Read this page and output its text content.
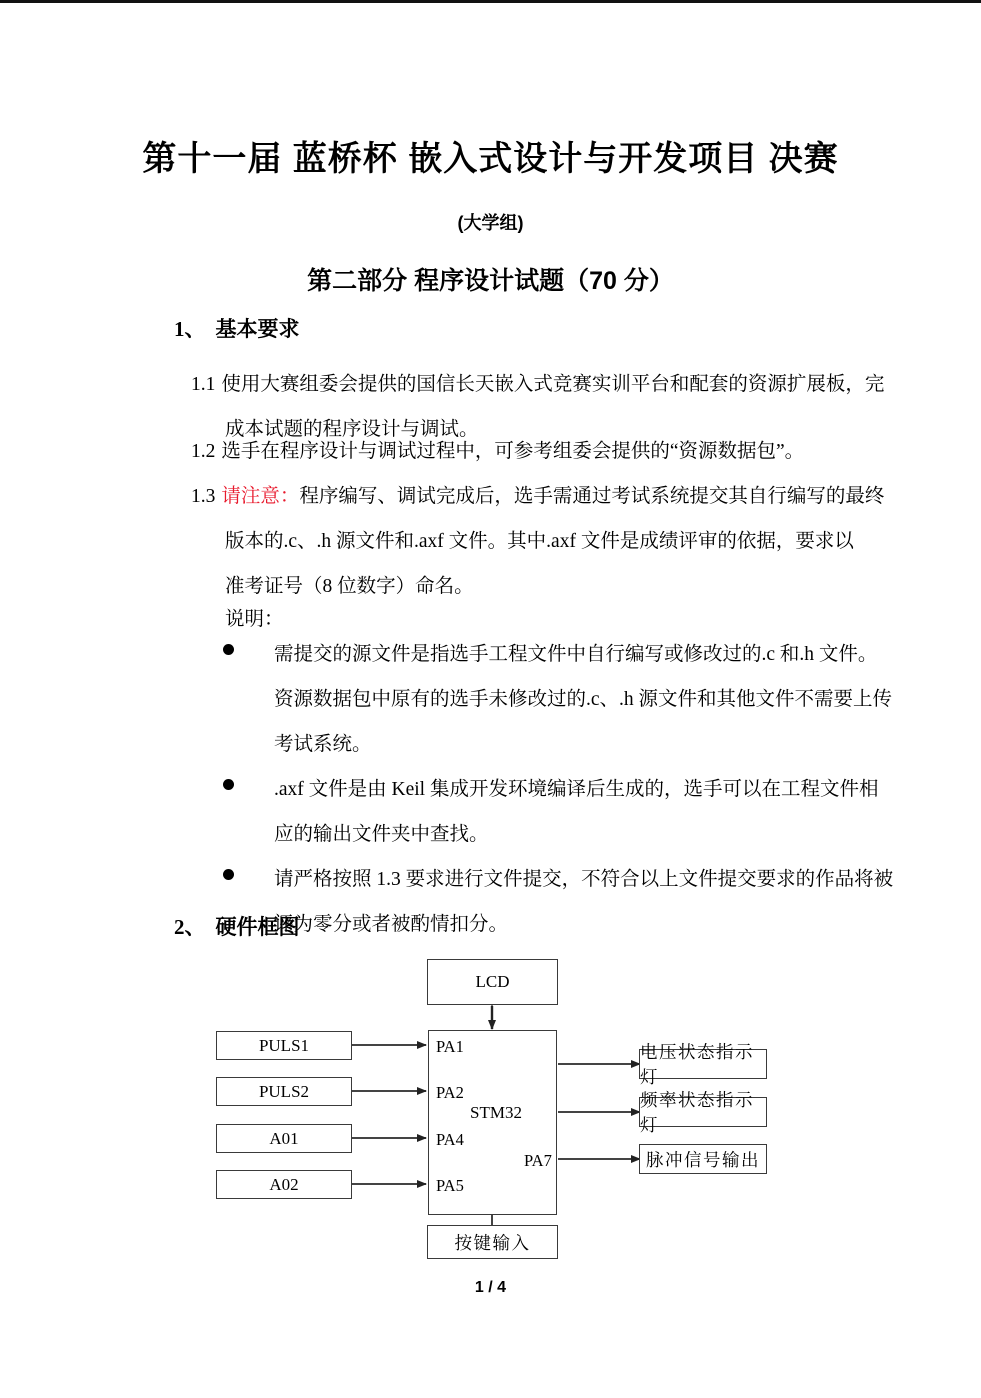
第十一届 蓝桥杯 嵌入式设计与开发项目 决赛
(大学组)
第二部分 程序设计试题（70 分）
1、 基本要求
1.1 使用大赛组委会提供的国信长天嵌入式竞赛实训平台和配套的资源扩展板，完
成本试题的程序设计与调试。
1.2 选手在程序设计与调试过程中，可参考组委会提供的“资源数据包”。
1.3 请注意：程序编写、调试完成后，选手需通过考试系统提交其自行编写的最终
版本的.c、.h 源文件和.axf 文件。其中.axf 文件是成绩评审的依据，要求以
准考证号（8 位数字）命名。
说明：
需提交的源文件是指选手工程文件中自行编写或修改过的.c 和.h 文件。
资源数据包中原有的选手未修改过的.c、.h 源文件和其他文件不需要上传
考试系统。
.axf 文件是由 Keil 集成开发环境编译后生成的，选手可以在工程文件相
应的输出文件夹中查找。
请严格按照 1.3 要求进行文件提交，不符合以上文件提交要求的作品将被
评为零分或者被酌情扣分。
2、 硬件框图
LCD
STM32
PA1
PA2
PA4
PA5
PA7
PULS1
PULS2
A01
A02
电压状态指示灯
频率状态指示灯
脉冲信号输出
按键输入
1 / 4
